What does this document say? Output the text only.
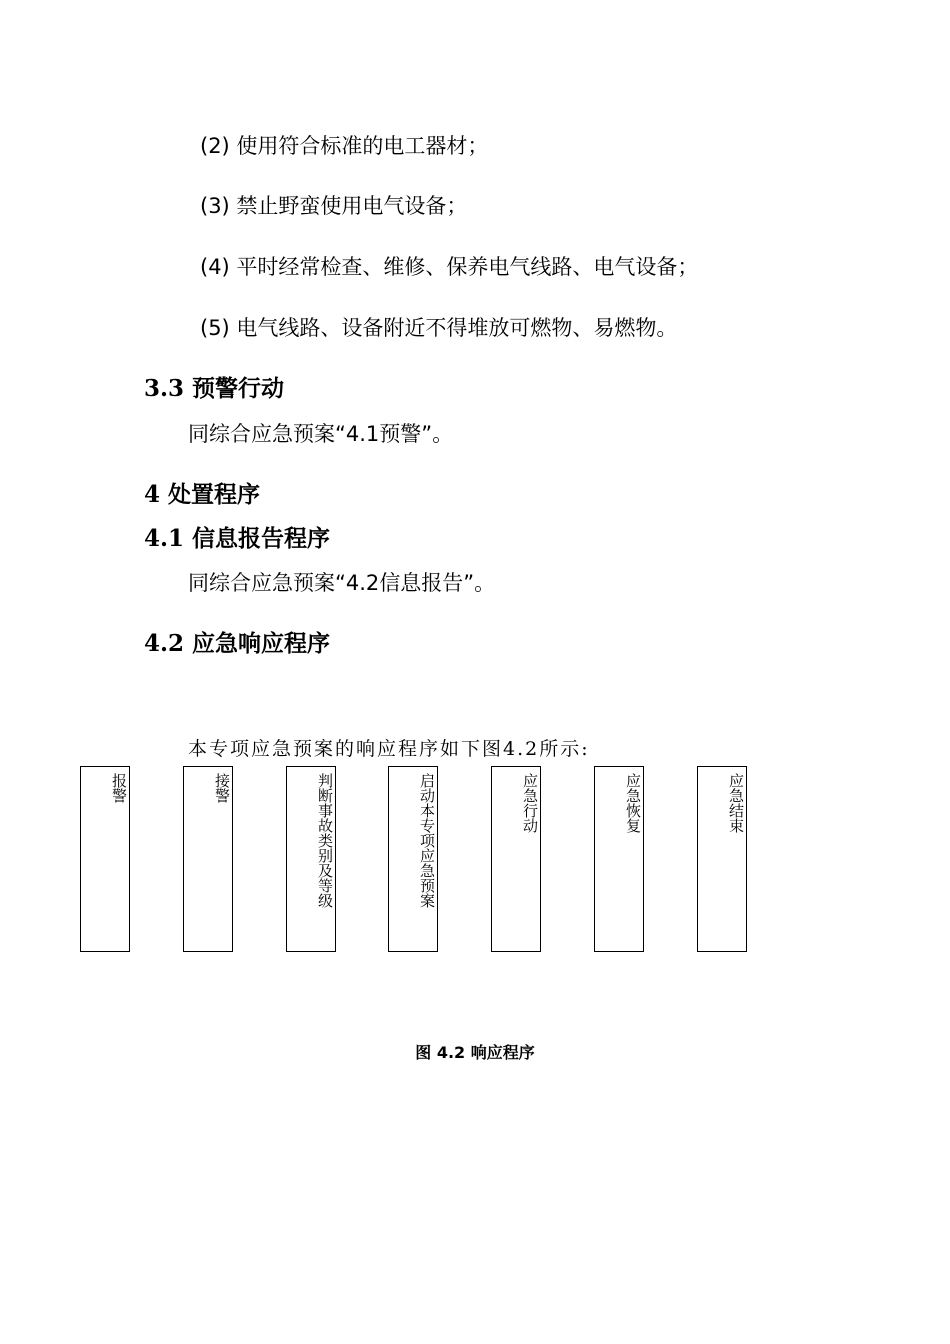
(2) 使用符合标准的电工器材；
(3) 禁止野蛮使用电气设备；
(4) 平时经常检查、维修、保养电气线路、电气设备；
(5) 电气线路、设备附近不得堆放可燃物、易燃物。
3.3 预警行动
同综合应急预案“4.1预警”。
4 处置程序
4.1 信息报告程序
同综合应急预案“4.2信息报告”。
4.2 应急响应程序
本专项应急预案的响应程序如下图4.2所示:
报警	接警	判断事故类别及等级	启动本专项应急预案	应急行动	应急恢复	应急结束
图 4.2 响应程序
